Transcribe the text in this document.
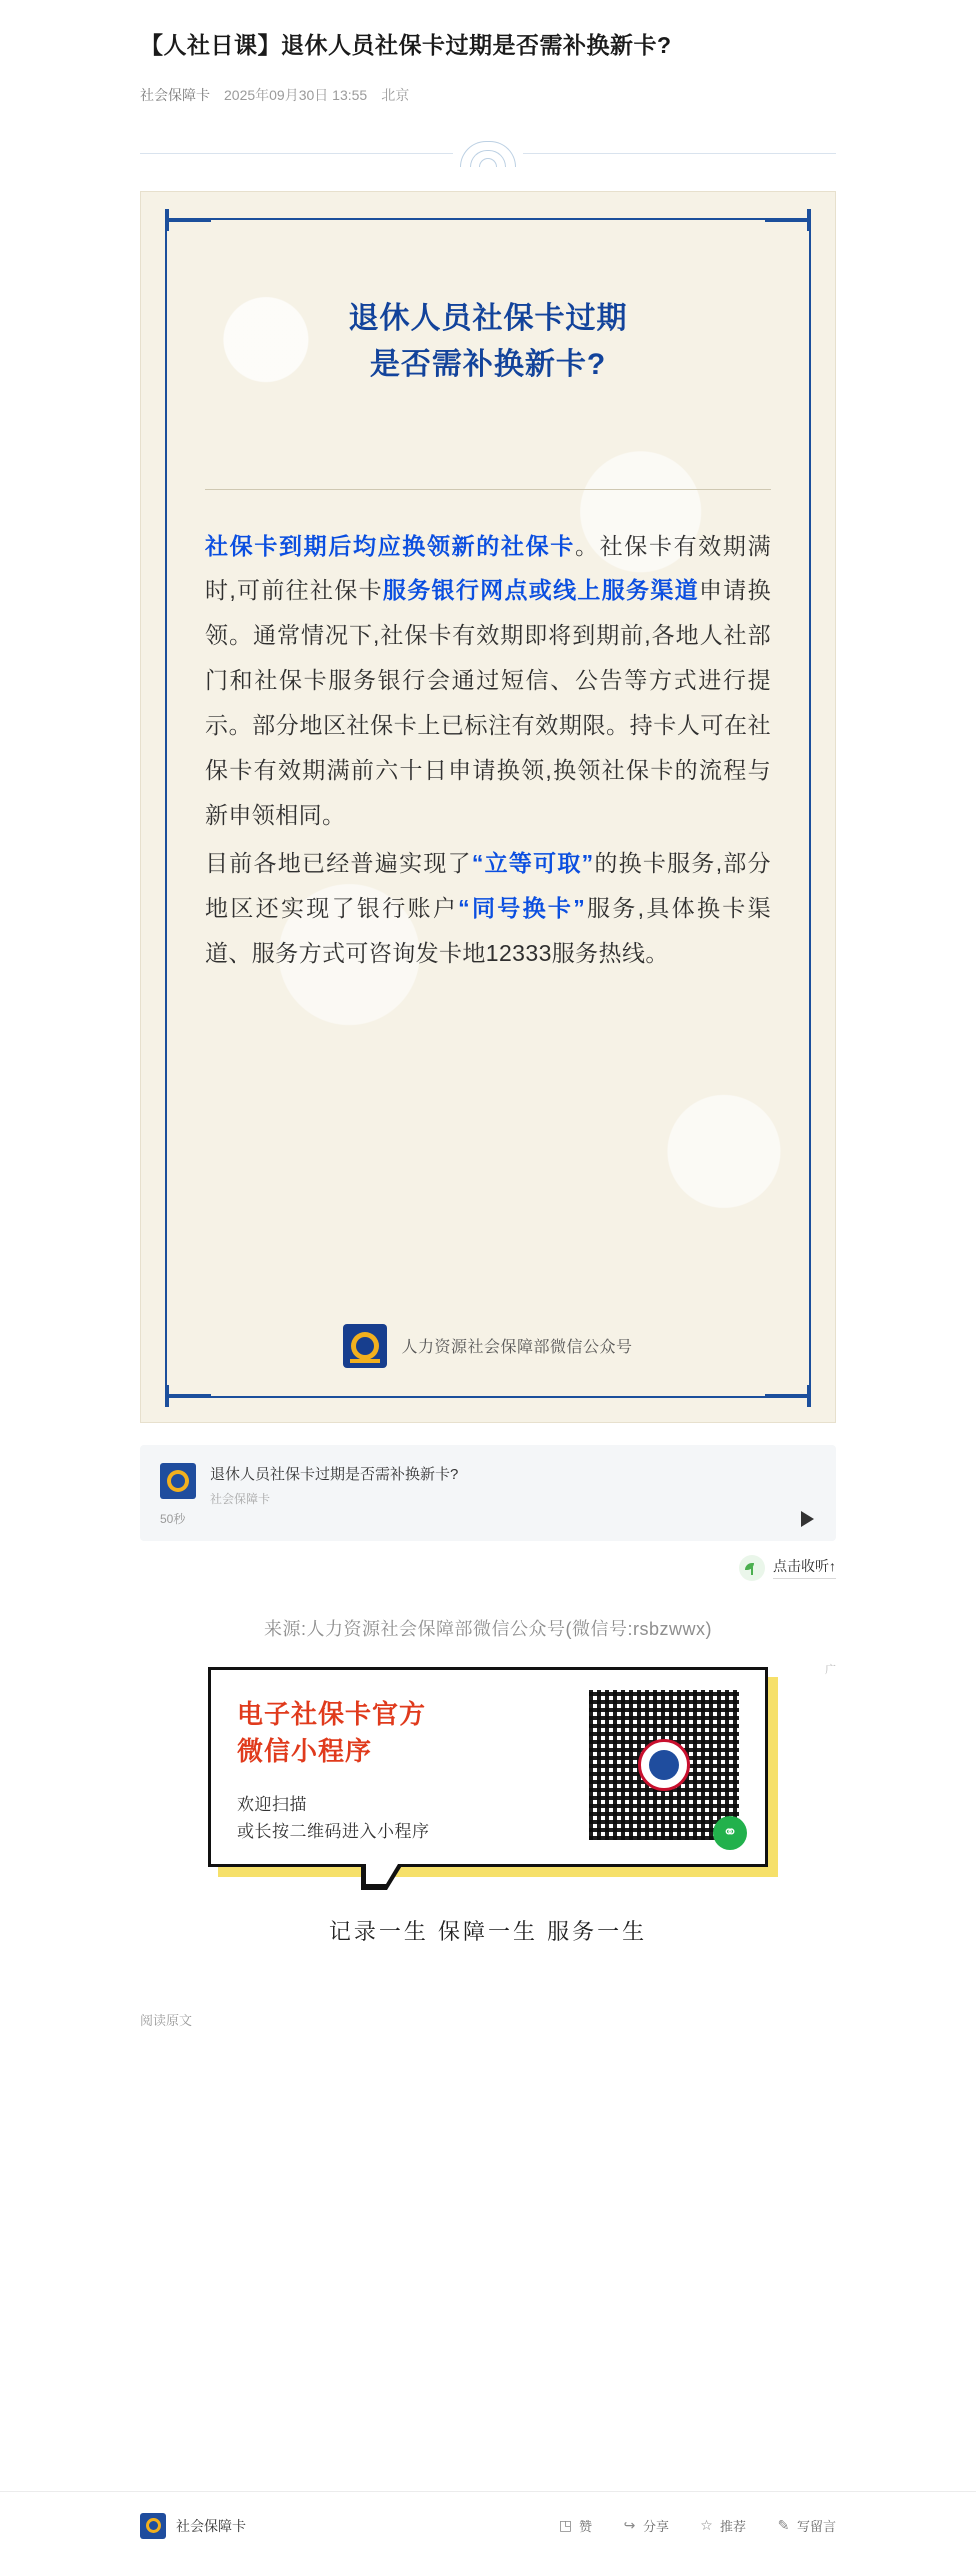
【人社日课】退休人员社保卡过期是否需补换新卡?
社会保障卡 2025年09月30日 13:55 北京
退休人员社保卡过期
是否需补换新卡?

社保卡到期后均应换领新的社保卡。社保卡有效期满时,可前往社保卡服务银行网点或线上服务渠道申请换领。通常情况下,社保卡有效期即将到期前,各地人社部门和社保卡服务银行会通过短信、公告等方式进行提示。部分地区社保卡上已标注有效期限。持卡人可在社保卡有效期满前六十日申请换领,换领社保卡的流程与新申领相同。

目前各地已经普遍实现了“立等可取”的换卡服务,部分地区还实现了银行账户“同号换卡”服务,具体换卡渠道、服务方式可咨询发卡地12333服务热线。

人力资源社会保障部微信公众号
退休人员社保卡过期是否需补换新卡?
社会保障卡
50秒
点击收听↑
来源:人力资源社会保障部微信公众号(微信号:rsbzwwx)
广
电子社保卡官方
微信小程序
欢迎扫描
或长按二维码进入小程序	⚭
记录一生 保障一生 服务一生
阅读原文
社会保障卡	◳ 赞 ↪ 分享 ☆ 推荐 ✎ 写留言
